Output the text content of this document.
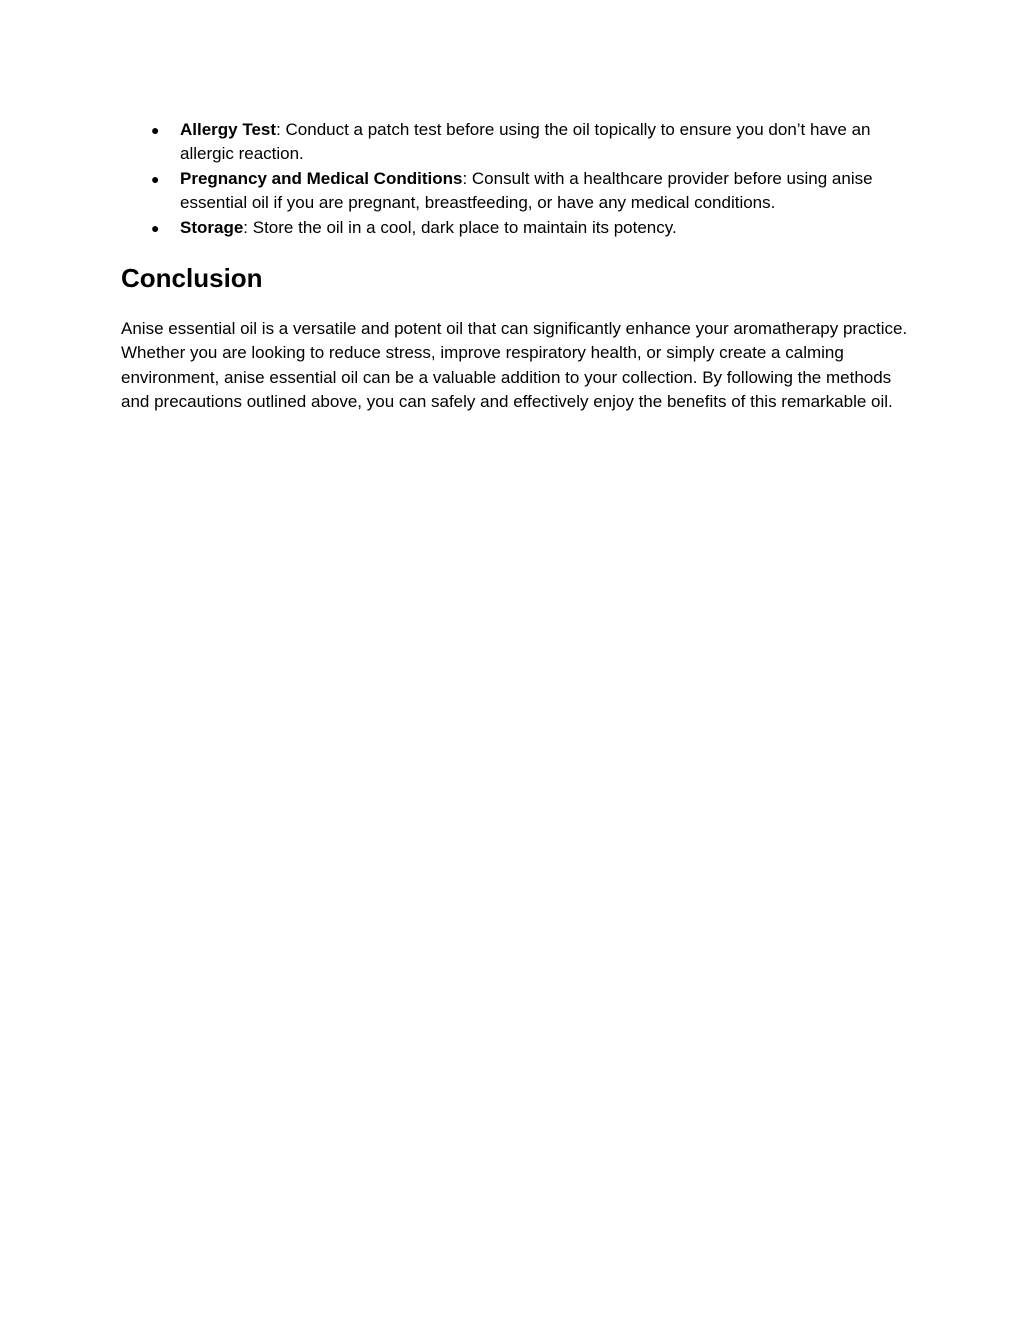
● Allergy Test: Conduct a patch test before using the oil topically to ensure you don’t have an allergic reaction.
● Pregnancy and Medical Conditions: Consult with a healthcare provider before using anise essential oil if you are pregnant, breastfeeding, or have any medical conditions.
● Storage: Store the oil in a cool, dark place to maintain its potency.
Conclusion

Anise essential oil is a versatile and potent oil that can significantly enhance your aromatherapy practice. Whether you are looking to reduce stress, improve respiratory health, or simply create a calming environment, anise essential oil can be a valuable addition to your collection. By following the methods and precautions outlined above, you can safely and effectively enjoy the benefits of this remarkable oil.
